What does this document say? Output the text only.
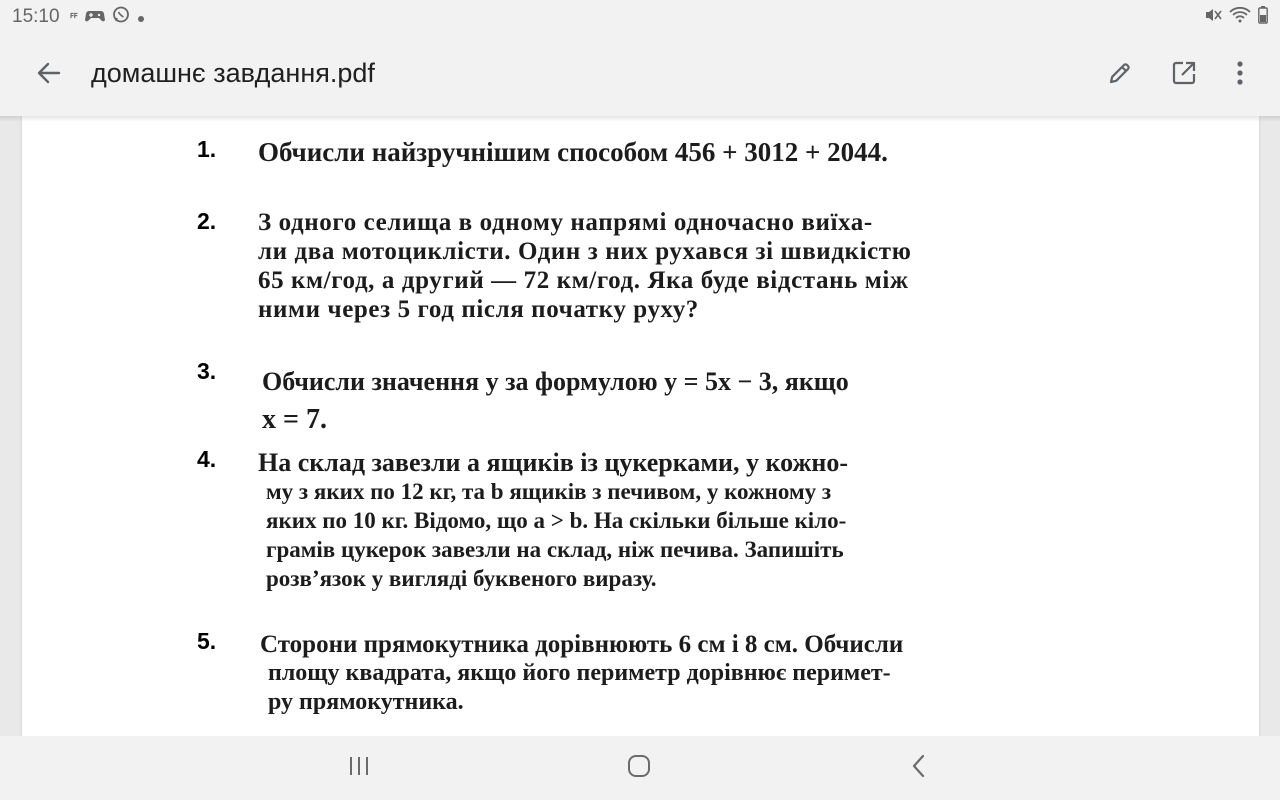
15:10 ꟳꟳ
домашнє завдання.pdf
1. Обчисли найзручнішим способом 456 + 3012 + 2044.
2. З одного селища в одному напрямі одночасно виїха-
ли два мотоциклісти. Один з них рухався зі швидкістю
65 км/год, а другий — 72 км/год. Яка буде відстань між
ними через 5 год після початку руху?
3. Обчисли значення y за формулою y = 5x − 3, якщо
x = 7.
4. На склад завезли a ящиків із цукерками, у кожно-
му з яких по 12 кг, та b ящиків з печивом, у кожному з
яких по 10 кг. Відомо, що a > b. На скільки більше кіло-
грамів цукерок завезли на склад, ніж печива. Запишіть
розв’язок у вигляді буквеного виразу.
5. Сторони прямокутника дорівнюють 6 см і 8 см. Обчисли
площу квадрата, якщо його периметр дорівнює перимет-
ру прямокутника.
